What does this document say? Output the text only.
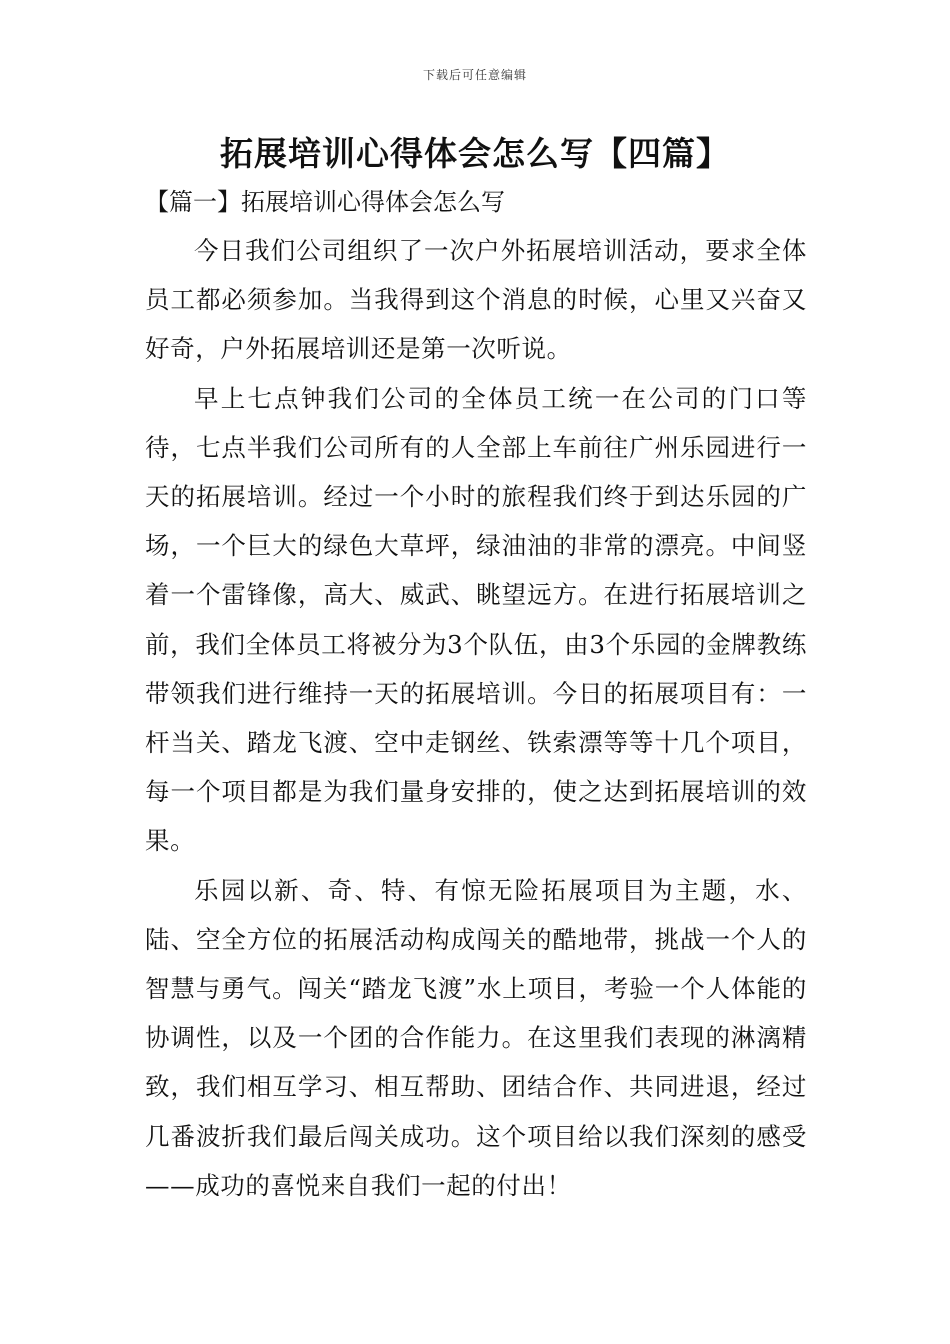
下载后可任意编辑
拓展培训心得体会怎么写【四篇】
【篇一】拓展培训心得体会怎么写

今日我们公司组织了一次户外拓展培训活动，要求全体员工都必须参加。当我得到这个消息的时候，心里又兴奋又好奇，户外拓展培训还是第一次听说。

早上七点钟我们公司的全体员工统一在公司的门口等待，七点半我们公司所有的人全部上车前往广州乐园进行一天的拓展培训。经过一个小时的旅程我们终于到达乐园的广场，一个巨大的绿色大草坪，绿油油的非常的漂亮。中间竖着一个雷锋像，高大、威武、眺望远方。在进行拓展培训之前，我们全体员工将被分为3个队伍，由3个乐园的金牌教练带领我们进行维持一天的拓展培训。今日的拓展项目有：一杆当关、踏龙飞渡、空中走钢丝、铁索漂等等十几个项目，每一个项目都是为我们量身安排的，使之达到拓展培训的效果。

乐园以新、奇、特、有惊无险拓展项目为主题，水、陆、空全方位的拓展活动构成闯关的酷地带，挑战一个人的智慧与勇气。闯关“踏龙飞渡”水上项目，考验一个人体能的协调性，以及一个团的合作能力。在这里我们表现的淋漓精致，我们相互学习、相互帮助、团结合作、共同进退，经过几番波折我们最后闯关成功。这个项目给以我们深刻的感受——成功的喜悦来自我们一起的付出！
